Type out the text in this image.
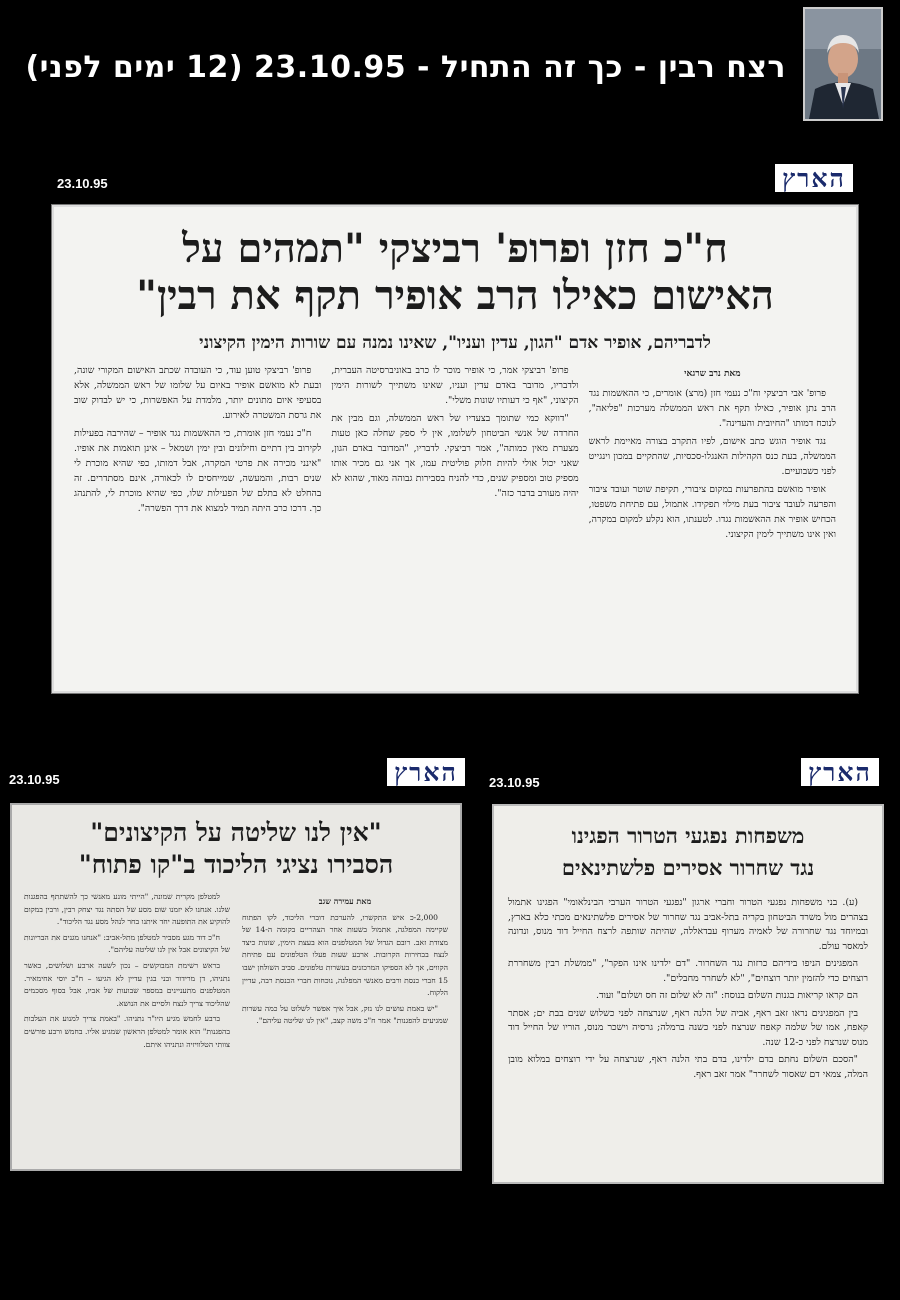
רצח רבין - כך זה התחיל - 23.10.95 (12 ימים לפני)
23.10.95	הארץ
ח"כ חזן ופרופ' רביצקי "תמהים על
האישום כאילו הרב אופיר תקף את רבין"
לדבריהם, אופיר אדם "הגון, עדין ועניו", שאינו נמנה עם שורות הימין הקיצוני
מאת נרב שרגאי

פרופ' אבי רביצקי וח"כ נעמי חזן (מרצ) אומרים, כי ההאשמות נגד הרב נתן אופיר, כאילו תקף את ראש הממשלה מערכות "פליאה", לנוכח דמותו "החיובית והעדינה".

נגד אופיר הוגש כתב אישום, לפיו התקרב בצורה מאיימת לראש הממשלה, בעת כנס הקהילות האנגלו-סכסיות, שהתקיים במכון וינגייט לפני כשבועיים.

אופיר מואשם בהתפרעות במקום ציבורי, תקיפת שוטר ועובד ציבור והפרעה לעובד ציבור בעת מילוי תפקידו. אתמול, עם פתיחת משפטו, הכחיש אופיר את ההאשמות נגדו. לטענתו, הוא נקלע למקום במקרה, ואין אינו משתייך לימין הקיצוני.

פרופ' רביצקי אמר, כי אופיר מוכר לו כרב באוניברסיטה העברית, ולדבריו, מדובר באדם עדין ועניו, שאינו משתייך לשורות הימין הקיצוני, "אף כי דעותיו שונות משלי".

"דווקא כמי שתומך בצעדיו של ראש הממשלה, וגם מבין את החרדה של אנשי הביטחון לשלומו, אין לי ספק שחלה כאן טעות מצערת מאין כמותה", אמר רביצקי. לדבריו, "המדובר באדם הגון, שאני יכול אולי להיות חלוק פוליטית עמו, אך אני גם מכיר אותו מספיק טוב ומספיק שנים, כדי להניח בסבירות גבוהה מאוד, שהוא לא יהיה מעורב בדבר כזה".

פרופ' רביצקי טוען עוד, כי העובדה שכתב האישום המקורי שונה, ובעת לא מואשם אופיר באיום על שלומו של ראש הממשלה, אלא בסעיפי איום מתונים יותר, מלמדת על האפשרות, כי יש לבדוק שוב את גרסת המשטרה לאירוע.

ח"כ נעמי חזן אומרת, כי ההאשמות נגד אופיר – שהירבה בפעילות לקירוב בין דתיים וחילונים ובין ימין ושמאל – אינן תואמות את אופיו. "אינני מכירה את פרטי המקרה, אבל דמותו, כפי שהיא מוכרת לי שנים רבות, והמעשה, שמייחסים לו לכאורה, אינם מסתדרים. זה בהחלט לא בתלם של הפעילות שלו, כפי שהיא מוכרת לי, להתנהג כך. דרכו כרב היתה תמיד למצוא את דרך הפשרה".

23.10.95	הארץ
"אין לנו שליטה על הקיצונים"
הסבירו נציגי הליכוד ב"קו פתוח"
מאת עמירה שגב

2,000-כ איש התקשרו, להערכת דוברי הליכוד, לקו הפתוח שקיימה המפלגה, אתמול בשעות אחר הצהריים בקומה ה-14 של מצודת זאב. רובם הגדול של המטלפנים הוא בעצת הימין, שונות כיצד לנצח בבחירות הקרובות. ארבע שעות פעלו הטלפונים עם פתיחת הקווים, אך לא הספיקו המרכזנים בעשרות טלפונים. סביב השולחן ישבו 15 חברי כנסת ורבים מאנשי המפלגה, נוכחות חברי הכנסת רבה, עדיין הלקוח.

"יש באמת עושים לנו נזק, אבל איך אפשר לשלוט על כמה עשרות שמגיעים להפגנות" אמר ח"כ משה קצב, "אין לנו שליטה עליהם".

למטלפן מקרית שמונה, "הייתי מונע מאנשי כך להשתתף בהפגנות שלנו. אנחנו לא יזמנו שום מסע של הסתה נגד יצחק רבין, ורבין במקום להוקיע את התופעה יחד איתנו בחר לנהל מסע נגד הליכוד".

ח"כ דוד מגע מסביר למטלפן מתל-אביב: "אנחנו מגנים את הבריונות של הקיצונים אבל אין לנו שליטה עליהם".

בראש רשימת המבוקשים – נכון לשעה ארבע ושלושים, כאשר נתניהו, דן מרידור ובני בגין עדיין לא הגיעו – ח"כ יוסי אחימאיר. המטלפנים מתעניינים במספר שבועות של אביו, אבל בסוף מסכמים שהליכוד צריך לנצח ולסיים את הנושא.

ברבע לחמש מגיע היו"ר נתניהו. "באמת צריך למנוע את העלבות בהפגנות" הוא אומר למטלפן הראשון שמגיע אליו. בחמש ורבע פורשים צוותי הטלוויזיה ונתניהו איתם.

23.10.95	הארץ
משפחות נפגעי הטרור הפגינו
נגד שחרור אסירים פלשתינאים

(ע). בני משפחות נפגעי הטרור וחברי ארגון "נפגעי הטרור הערבי הבינלאומי" הפגינו אתמול בצהרים מול משרד הביטחון בקריה בתל-אביב נגד שחרור של אסירים פלשתינאים מכתי כלא בארץ, ובמיוחד נגד שחרורה של לאמיה מערוף עבדאללה, שהיתה שותפה לרצח החייל דוד מנוס, ונדונה למאסר עולם.

המפגינים הניפו בידיהם כרזות נגד השחרור. "דם ילדינו אינו הפקר", "ממשלת רבין משחררת רוצחים כדי להזמין יותר רוצחים", "לא לשחרר מחבלים".

הם קראו קריאות בגנות השלום בנוסח: "זה לא שלום זה חס ושלום" ועוד.

בין המפגינים נראו זאב ראף, אביה של הלנה ראף, שנרצחה לפני כשלוש שנים בבת ים; אסתר קאפח, אמו של שלמה קאפח שנרצח לפני כשנה ברמלה; גרסיה וישכר מנוס, הוריו של החייל דוד מנוס שנרצח לפני כ-12 שנה.

"הסכם השלום נחתם בדם ילדינו, בדם בתי הלנה ראף, שנרצחה על ידי רוצחים במלוא מובן המלה, צמאי דם שאסור לשחרר" אמר זאב ראף.
